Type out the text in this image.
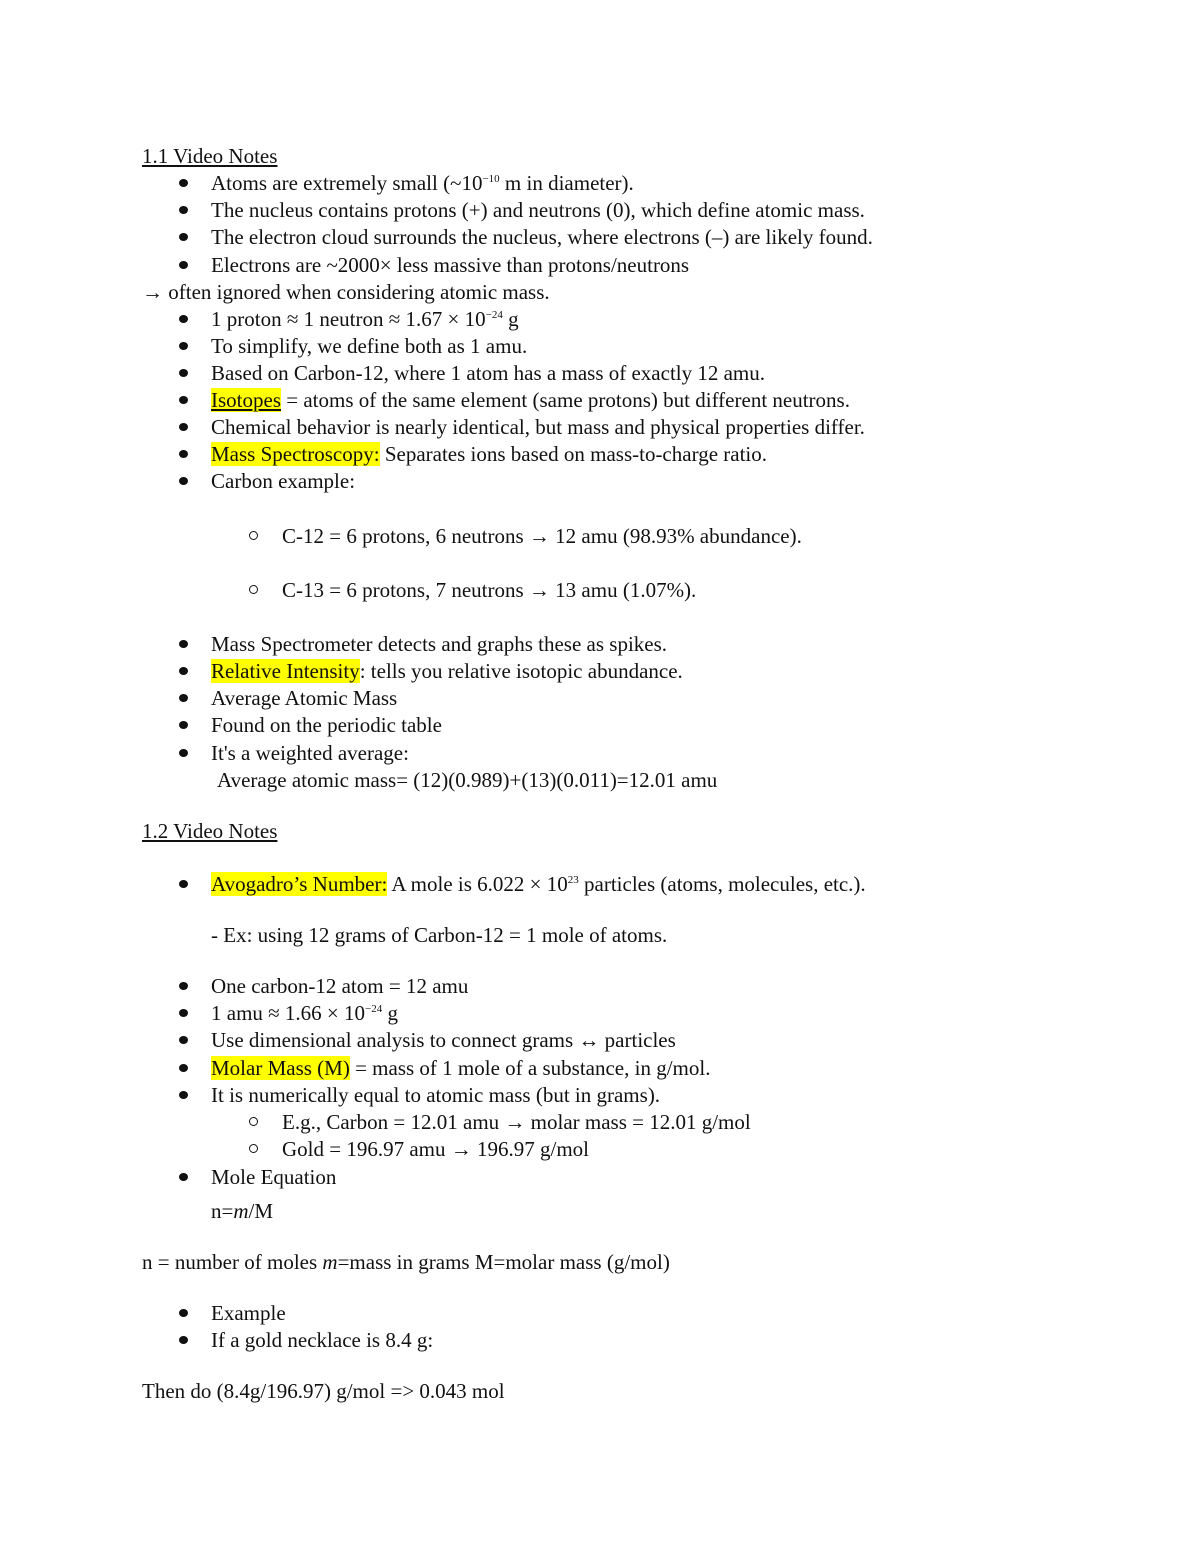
1.1 Video Notes
Atoms are extremely small ($\sim 10^{-10}$ m in diameter).
The nucleus contains protons (+) and neutrons (0), which define atomic mass.
The electron cloud surrounds the nucleus, where electrons (–) are likely found.
Electrons are ~2000× less massive than protons/neutrons
→ often ignored when considering atomic mass.
1 proton ≈ 1 neutron ≈ $1.67 \times 10^{-24}$ g
To simplify, we define both as 1 amu.
Based on Carbon-12, where 1 atom has a mass of exactly 12 amu.
Isotopes = atoms of the same element (same protons) but different neutrons.
Chemical behavior is nearly identical, but mass and physical properties differ.
Mass Spectroscopy: Separates ions based on mass-to-charge ratio.
Carbon example:
C-12 = 6 protons, 6 neutrons → 12 amu (98.93% abundance).
C-13 = 6 protons, 7 neutrons → 13 amu (1.07%).
Mass Spectrometer detects and graphs these as spikes.
Relative Intensity: tells you relative isotopic abundance.
Average Atomic Mass
Found on the periodic table
It's a weighted average:
Average atomic mass= (12)(0.989)+(13)(0.011)=12.01 amu
1.2 Video Notes
Avogadro’s Number: A mole is $6.022 \times 10^{23}$ particles (atoms, molecules, etc.).
- Ex: using 12 grams of Carbon-12 = 1 mole of atoms.
One carbon-12 atom = 12 amu
1 amu ≈ $1.66 \times 10^{-24}$ g
Use dimensional analysis to connect grams ↔ particles
Molar Mass (M) = mass of 1 mole of a substance, in g/mol.
It is numerically equal to atomic mass (but in grams).
E.g., Carbon = 12.01 amu → molar mass = 12.01 g/mol
Gold = 196.97 amu → 196.97 g/mol
Mole Equation
n=m/M
n = number of moles m=mass in grams M=molar mass (g/mol)
Example
If a gold necklace is 8.4 g:
Then do (8.4g/196.97) g/mol => 0.043 mol
